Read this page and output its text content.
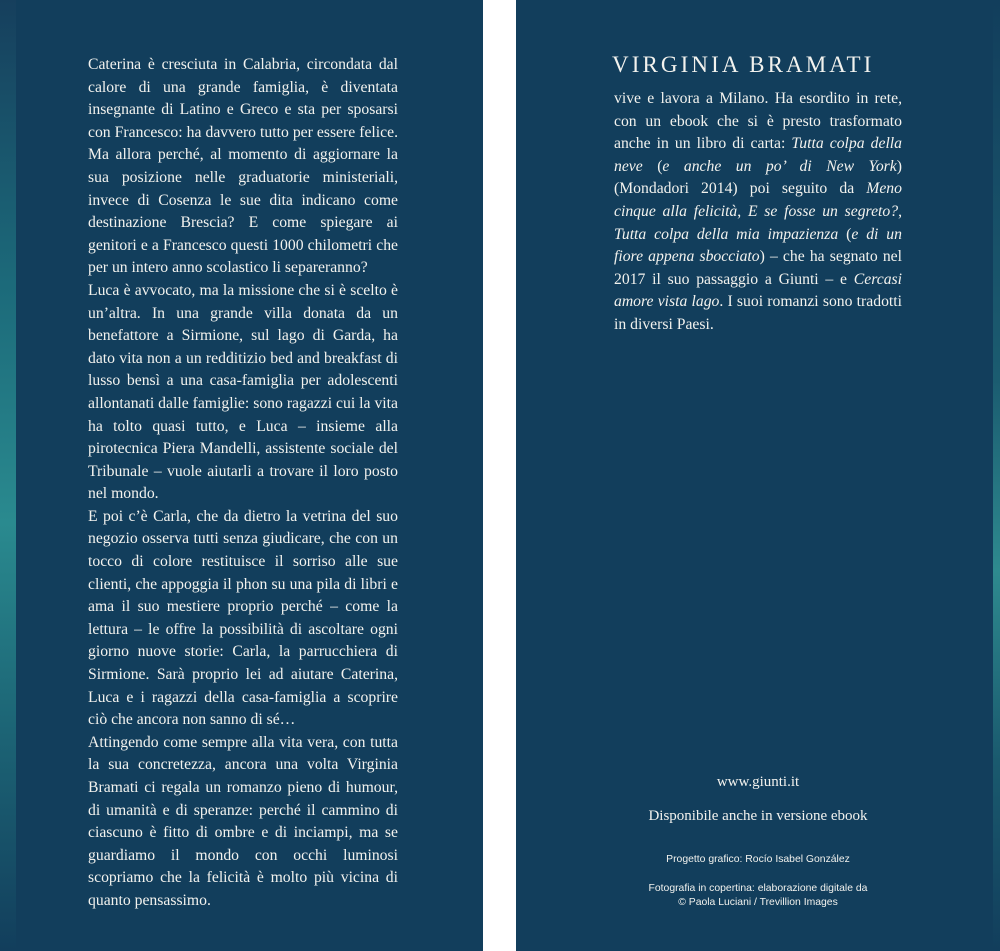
Caterina è cresciuta in Calabria, circondata dal calore di una grande famiglia, è diventata insegnante di Latino e Greco e sta per sposarsi con Francesco: ha davvero tutto per essere felice. Ma allora perché, al momento di aggiornare la sua posizione nelle graduatorie ministeriali, invece di Cosenza le sue dita indicano come destinazione Brescia? E come spiegare ai genitori e a Francesco questi 1000 chilometri che per un intero anno scolastico li separeranno?

Luca è avvocato, ma la missione che si è scelto è un’altra. In una grande villa donata da un benefattore a Sirmione, sul lago di Garda, ha dato vita non a un redditizio bed and breakfast di lusso bensì a una casa-famiglia per adolescenti allontanati dalle famiglie: sono ragazzi cui la vita ha tolto quasi tutto, e Luca – insieme alla pirotecnica Piera Mandelli, assistente sociale del Tribunale – vuole aiutarli a trovare il loro posto nel mondo.

E poi c’è Carla, che da dietro la vetrina del suo negozio osserva tutti senza giudicare, che con un tocco di colore restituisce il sorriso alle sue clienti, che appoggia il phon su una pila di libri e ama il suo mestiere proprio perché – come la lettura – le offre la possibilità di ascoltare ogni giorno nuove storie: Carla, la parrucchiera di Sirmione. Sarà proprio lei ad aiutare Caterina, Luca e i ragazzi della casa-famiglia a scoprire ciò che ancora non sanno di sé…

Attingendo come sempre alla vita vera, con tutta la sua concretezza, ancora una volta Virginia Bramati ci regala un romanzo pieno di humour, di umanità e di speranze: perché il cammino di ciascuno è fitto di ombre e di inciampi, ma se guardiamo il mondo con occhi luminosi scopriamo che la felicità è molto più vicina di quanto pensassimo.

VIRGINIA BRAMATI

vive e lavora a Milano. Ha esordito in rete, con un ebook che si è presto trasformato anche in un libro di carta: Tutta colpa della neve (e anche un po’ di New York) (Mondadori 2014) poi seguito da Meno cinque alla felicità, E se fosse un segreto?, Tutta colpa della mia impazienza (e di un fiore appena sbocciato) – che ha segnato nel 2017 il suo passaggio a Giunti – e Cercasi amore vista lago. I suoi romanzi sono tradotti in diversi Paesi.

www.giunti.it
Disponibile anche in versione ebook
Progetto grafico: Rocío Isabel González
Fotografia in copertina: elaborazione digitale da
© Paola Luciani / Trevillion Images
